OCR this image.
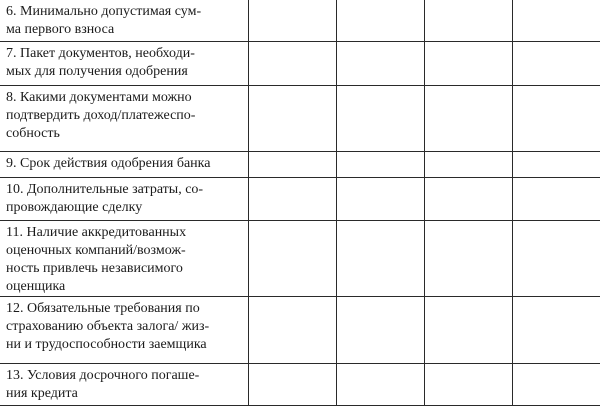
6. Минимально допустимая сум-
ма первого взноса				

7. Пакет документов, необходи-
мых для получения одобрения				

8. Какими документами можно
подтвердить доход/платежеспо-
собность				

9. Срок действия одобрения банка				

10. Дополнительные затраты, со-
провождающие сделку				

11. Наличие аккредитованных
оценочных компаний/возмож-
ность привлечь независимого
оценщика				

12. Обязательные требования по
страхованию объекта залога/ жиз-
ни и трудоспособности заемщика				

13. Условия досрочного погаше-
ния кредита				
